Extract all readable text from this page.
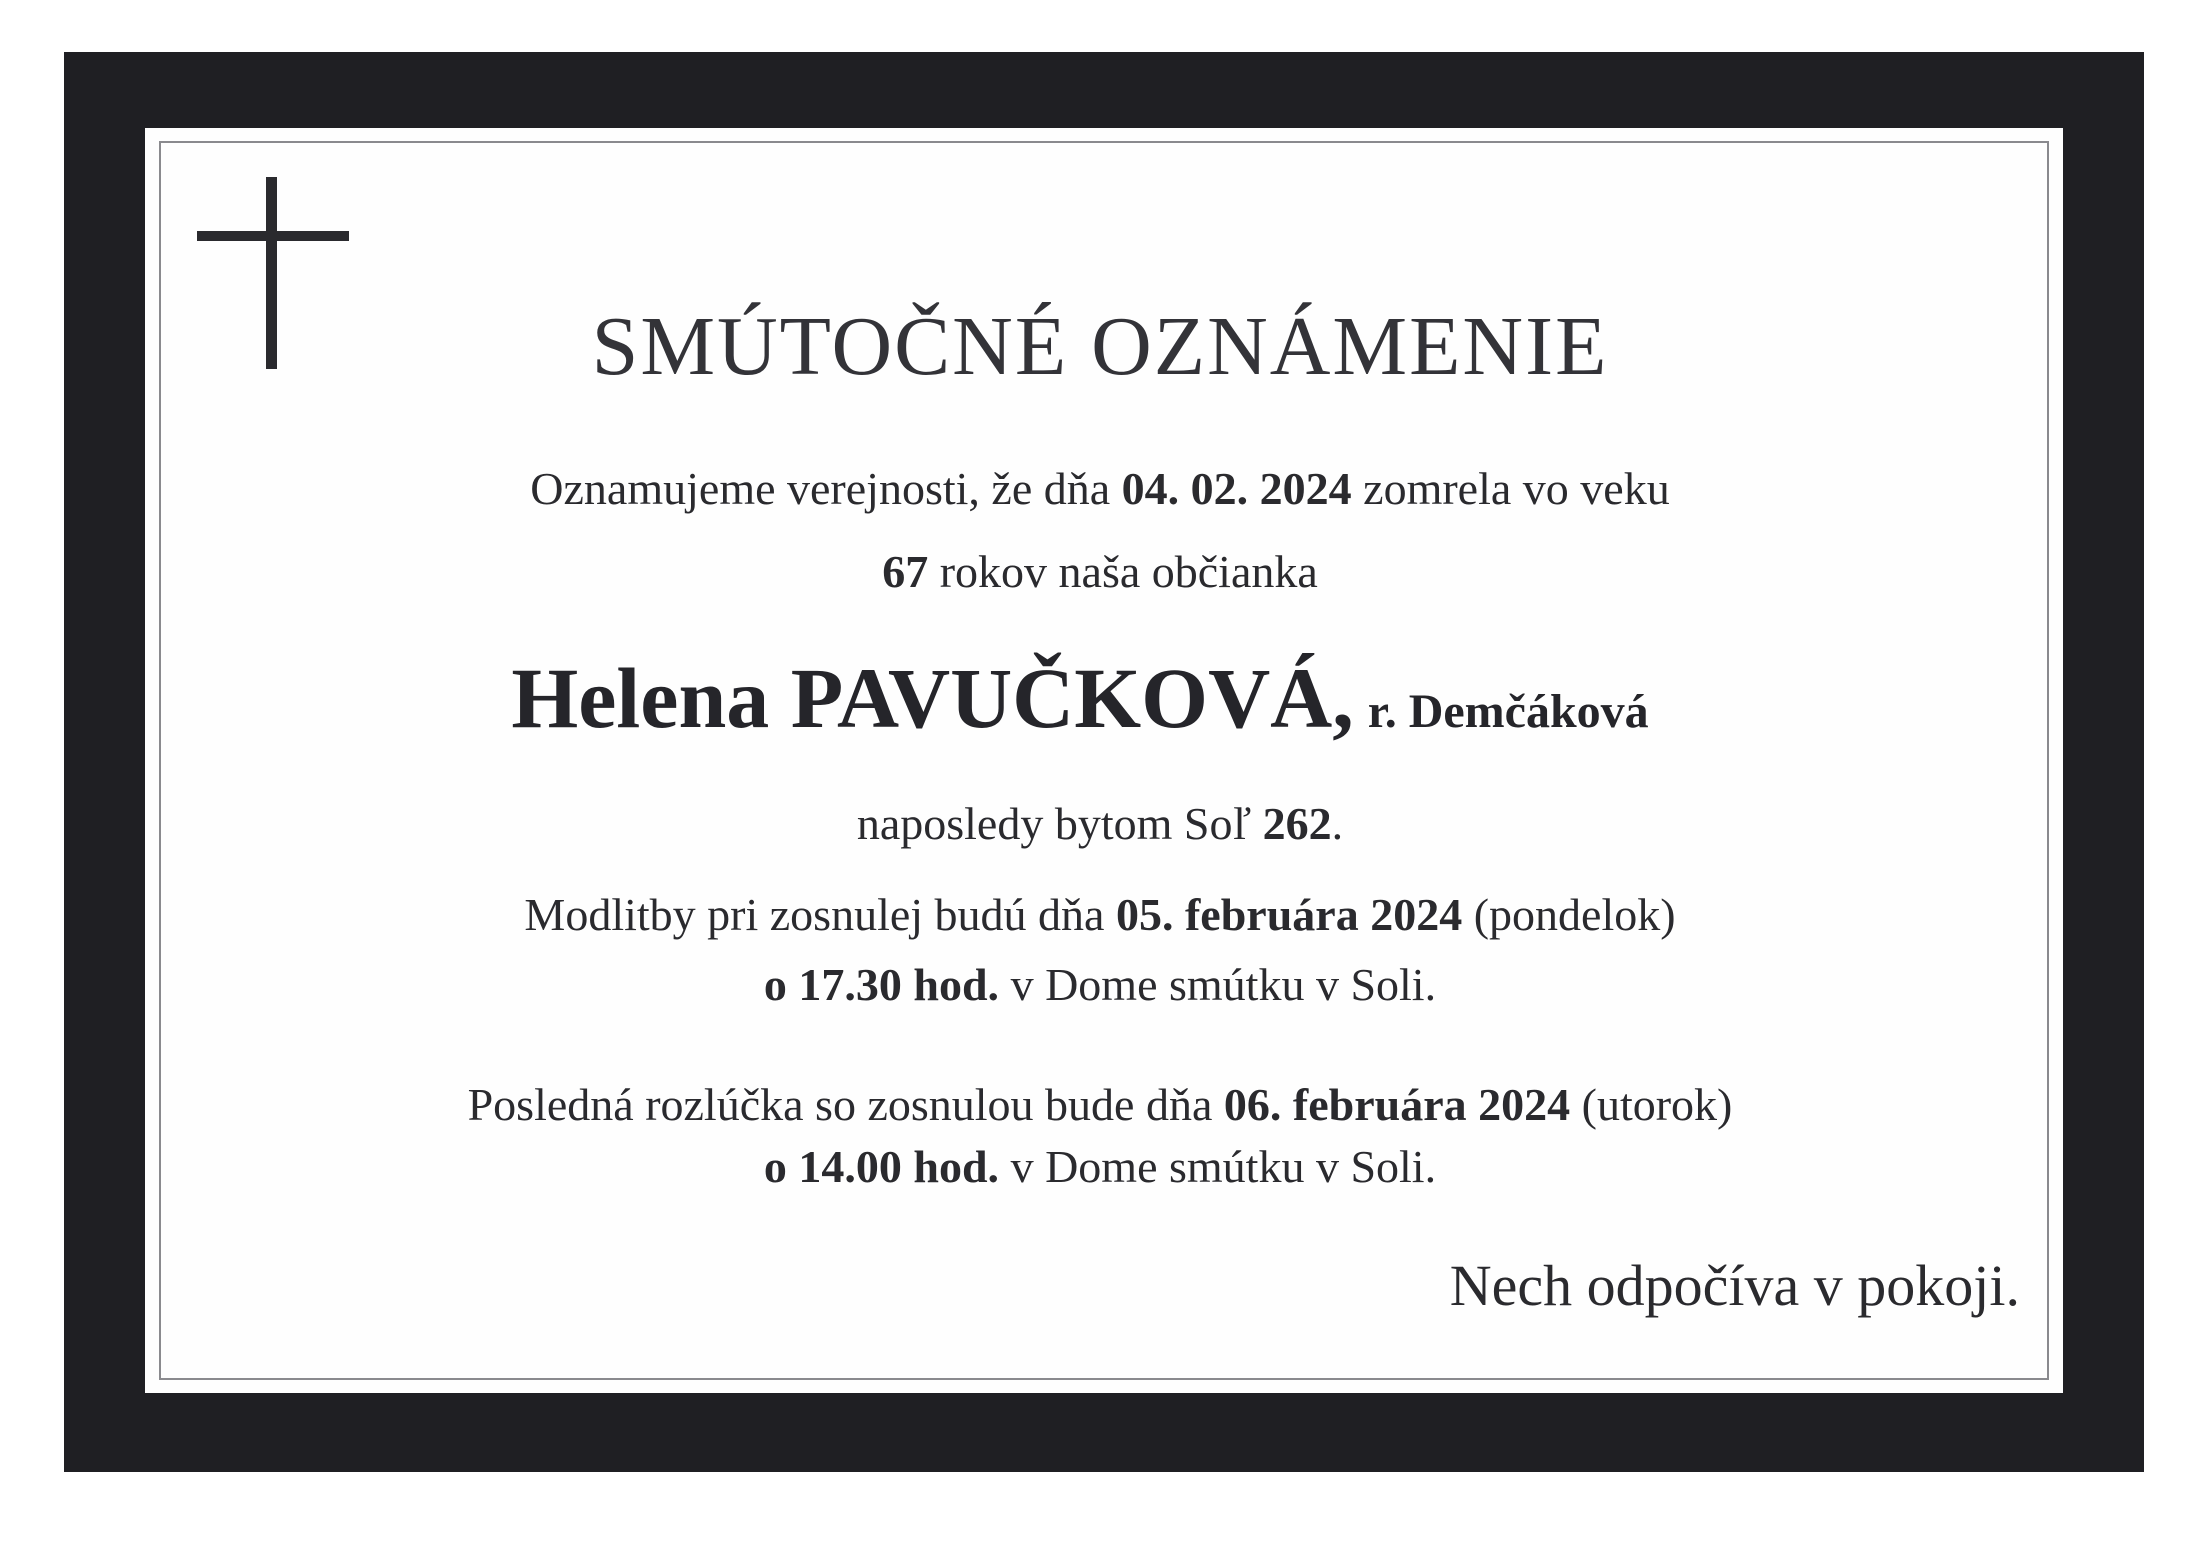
SMÚTOČNÉ OZNÁMENIE
Oznamujeme verejnosti, že dňa 04. 02. 2024 zomrela vo veku
67 rokov naša občianka
Helena PAVUČKOVÁ, r. Demčáková
naposledy bytom Soľ 262.
Modlitby pri zosnulej budú dňa 05. februára 2024 (pondelok)
o 17.30 hod. v Dome smútku v Soli.
Posledná rozlúčka so zosnulou bude dňa 06. februára 2024 (utorok)
o 14.00 hod. v Dome smútku v Soli.
Nech odpočíva v pokoji.
